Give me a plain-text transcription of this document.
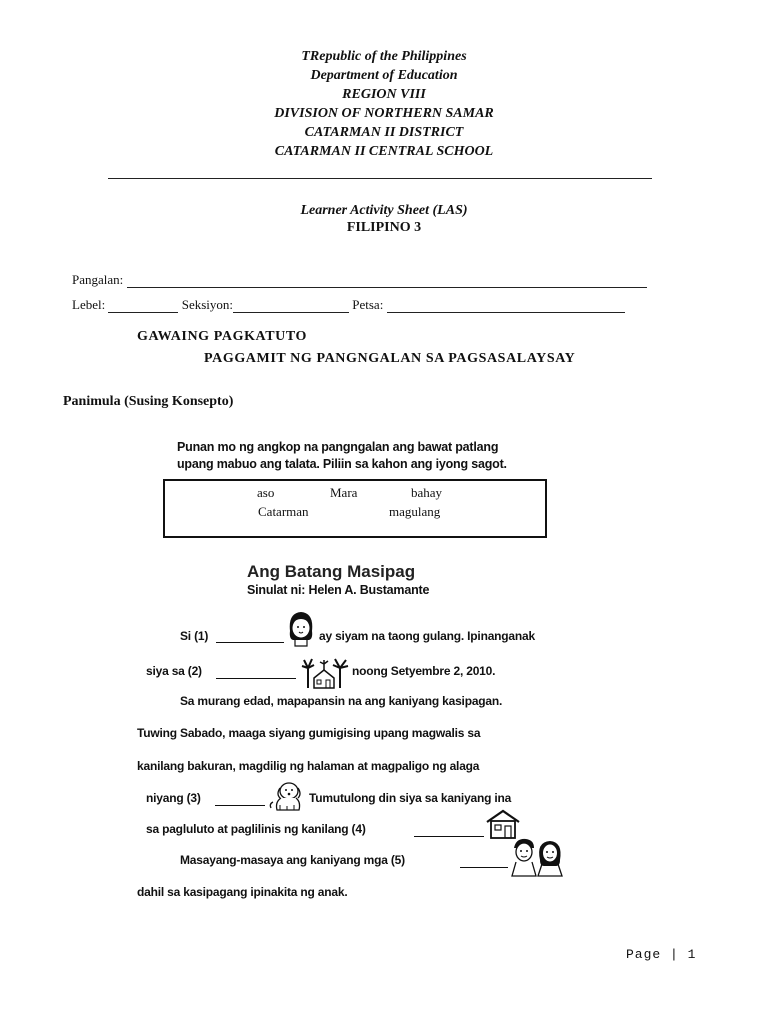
TRepublic of the Philippines
Department of Education
REGION VIII
DIVISION OF NORTHERN SAMAR
CATARMAN II DISTRICT
CATARMAN II CENTRAL SCHOOL
Learner Activity Sheet (LAS)
FILIPINO 3
Pangalan:
Lebel:	Seksiyon:	Petsa:
GAWAING PAGKATUTO
PAGGAMIT NG PANGNGALAN SA PAGSASALAYSAY
Panimula (Susing Konsepto)
Punan mo ng angkop na pangngalan ang bawat patlang
upang mabuo ang talata. Piliin sa kahon ang iyong sagot.
aso	Mara	bahay
Catarman	magulang
Ang Batang Masipag
Sinulat ni: Helen A. Bustamante
Si (1)	ay siyam na taong gulang. Ipinanganak
siya sa (2)	noong Setyembre 2, 2010.
Sa murang edad, mapapansin na ang kaniyang kasipagan.
Tuwing Sabado, maaga siyang gumigising upang magwalis sa
kanilang bakuran, magdilig ng halaman at magpaligo ng alaga
niyang (3)	Tumutulong din siya sa kaniyang ina
sa pagluluto at paglilinis ng kanilang (4)
Masayang-masaya ang kaniyang mga (5)
dahil sa kasipagang ipinakita ng anak.
Page | 1
